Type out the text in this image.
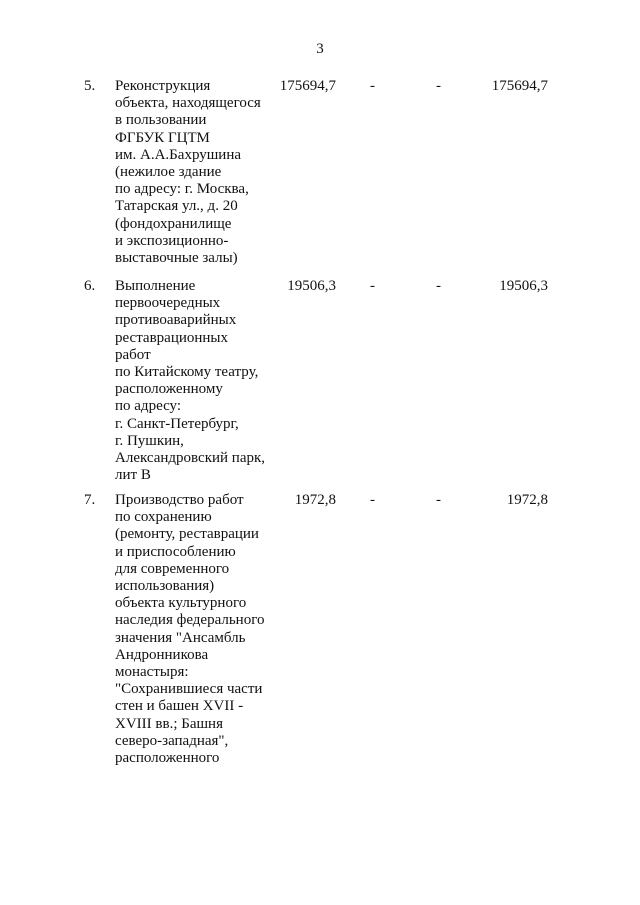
3
5. Реконструкция
объекта, находящегося
в пользовании
ФГБУК ГЦТМ
им. А.А.Бахрушина
(нежилое здание
по адресу: г. Москва,
Татарская ул., д. 20
(фондохранилище
и экспозиционно-
выставочные залы)
175694,7 -	-	175694,7
6. Выполнение
первоочередных
противоаварийных
реставрационных
работ
по Китайскому театру,
расположенному
по адресу:
г. Санкт-Петербург,
г. Пушкин,
Александровский парк,
лит В
19506,3 -	-	19506,3
7. Производство работ
по сохранению
(ремонту, реставрации
и приспособлению
для современного
использования)
объекта культурного
наследия федерального
значения "Ансамбль
Андронникова
монастыря:
"Сохранившиеся части
стен и башен XVII -
XVIII вв.; Башня
северо-западная",
расположенного
1972,8 -	-	1972,8
